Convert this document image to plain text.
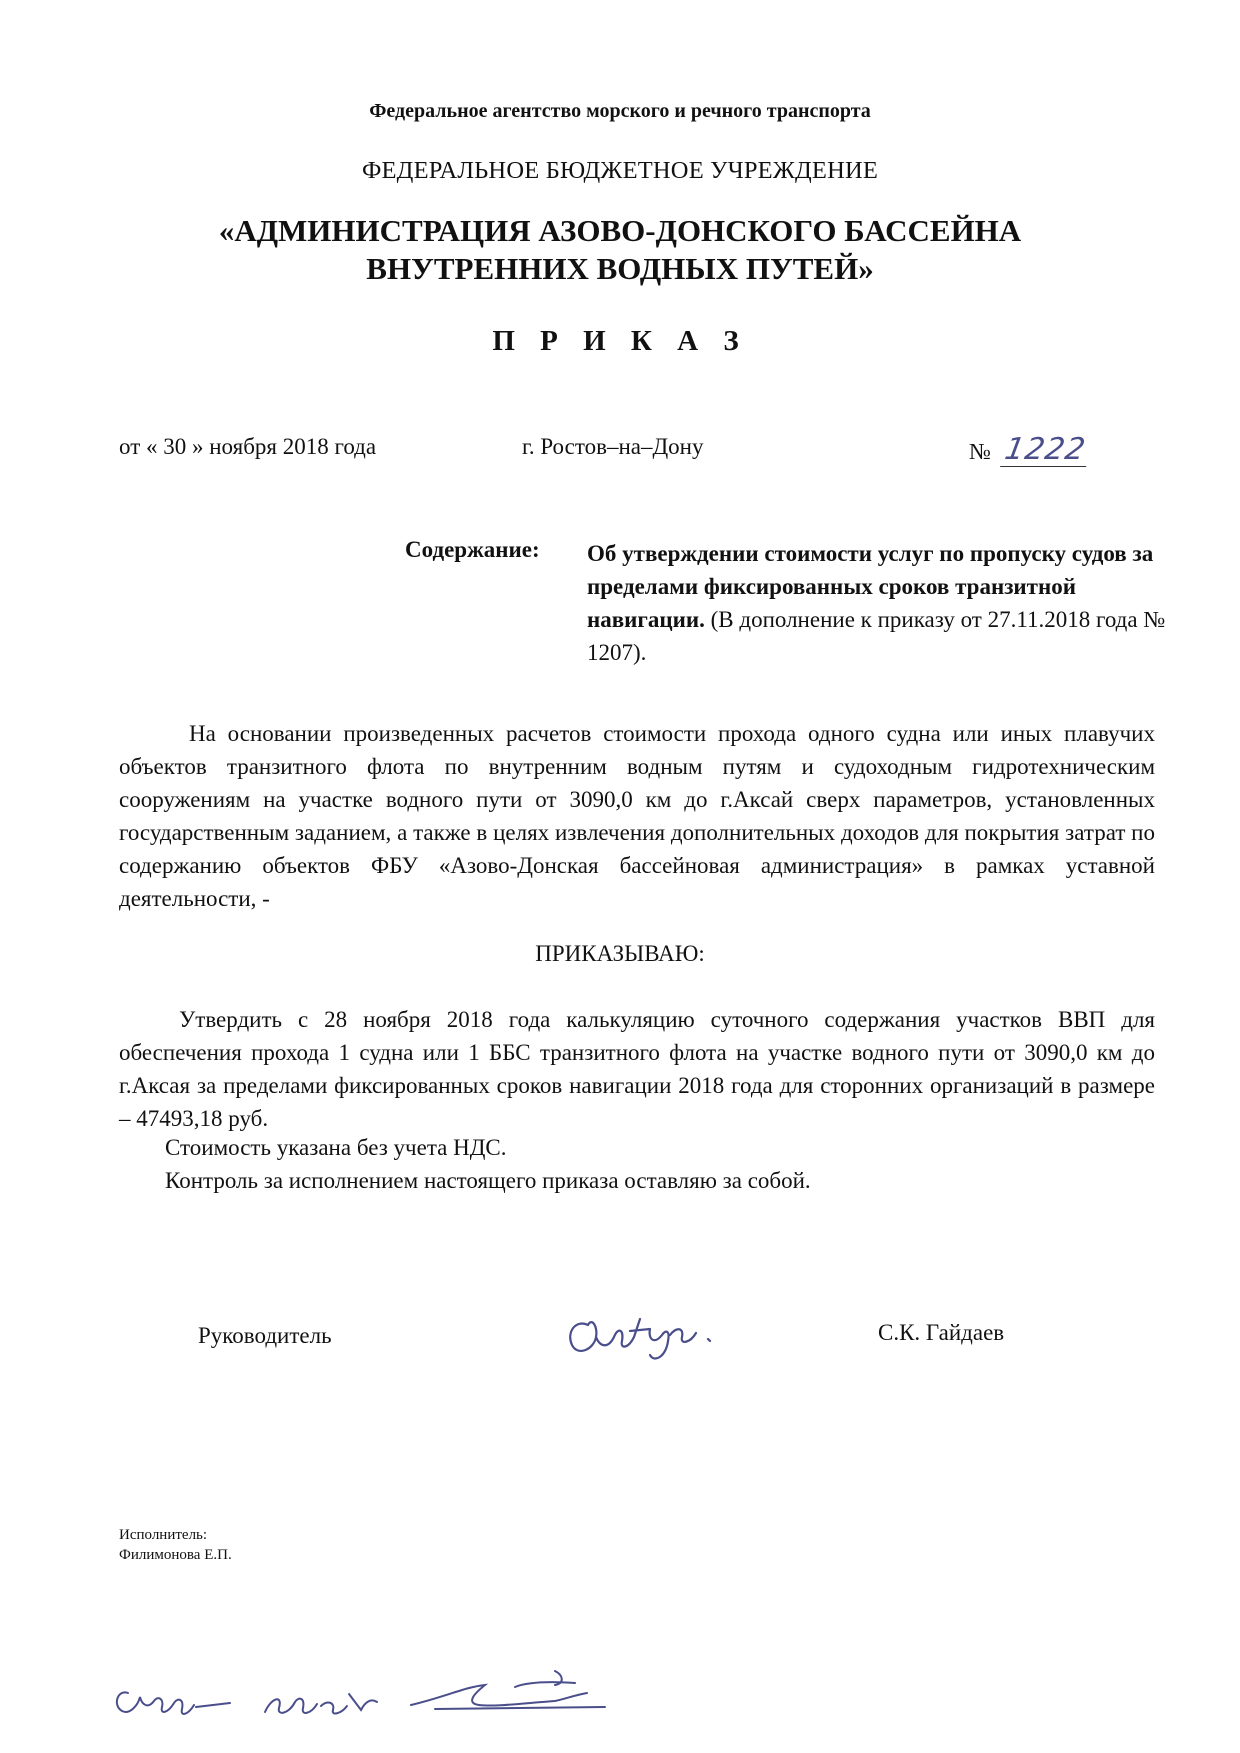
Федеральное агентство морского и речного транспорта
ФЕДЕРАЛЬНОЕ БЮДЖЕТНОЕ УЧРЕЖДЕНИЕ
«АДМИНИСТРАЦИЯ АЗОВО-ДОНСКОГО БАССЕЙНА
ВНУТРЕННИХ ВОДНЫХ ПУТЕЙ»
П Р И К А З
от « 30 » ноября 2018 года	г. Ростов–на–Дону	№ 1222
Содержание: Об утверждении стоимости услуг по пропуску судов за пределами фиксированных сроков транзитной навигации. (В дополнение к приказу от 27.11.2018 года № 1207).
На основании произведенных расчетов стоимости прохода одного судна или иных плавучих объектов транзитного флота по внутренним водным путям и судоходным гидротехническим сооружениям на участке водного пути от 3090,0 км до г.Аксай сверх параметров, установленных государственным заданием, а также в целях извлечения дополнительных доходов для покрытия затрат по содержанию объектов ФБУ «Азово-Донская бассейновая администрация» в рамках уставной деятельности, -
ПРИКАЗЫВАЮ:
Утвердить с 28 ноября 2018 года калькуляцию суточного содержания участков ВВП для обеспечения прохода 1 судна или 1 ББС транзитного флота на участке водного пути от 3090,0 км до г.Аксая за пределами фиксированных сроков навигации 2018 года для сторонних организаций в размере – 47493,18 руб.
Стоимость указана без учета НДС.
Контроль за исполнением настоящего приказа оставляю за собой.
Руководитель	С.К. Гайдаев
Исполнитель:
Филимонова Е.П.
